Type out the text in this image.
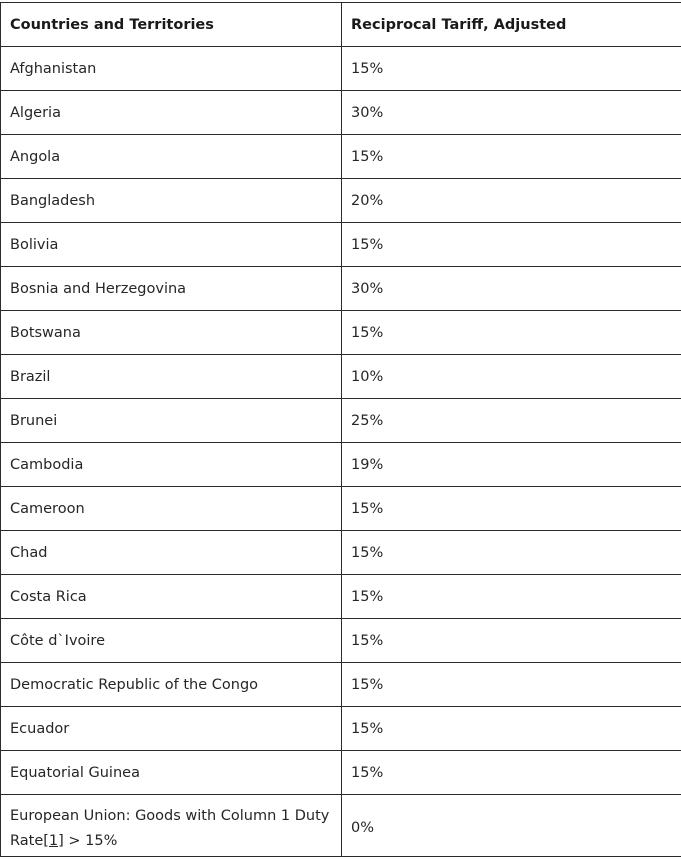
Countries and Territories	Reciprocal Tariff, Adjusted
Afghanistan	15%
Algeria	30%
Angola	15%
Bangladesh	20%
Bolivia	15%
Bosnia and Herzegovina	30%
Botswana	15%
Brazil	10%
Brunei	25%
Cambodia	19%
Cameroon	15%
Chad	15%
Costa Rica	15%
Côte d`Ivoire	15%
Democratic Republic of the Congo	15%
Ecuador	15%
Equatorial Guinea	15%
European Union: Goods with Column 1 Duty
Rate[1] > 15%	0%
